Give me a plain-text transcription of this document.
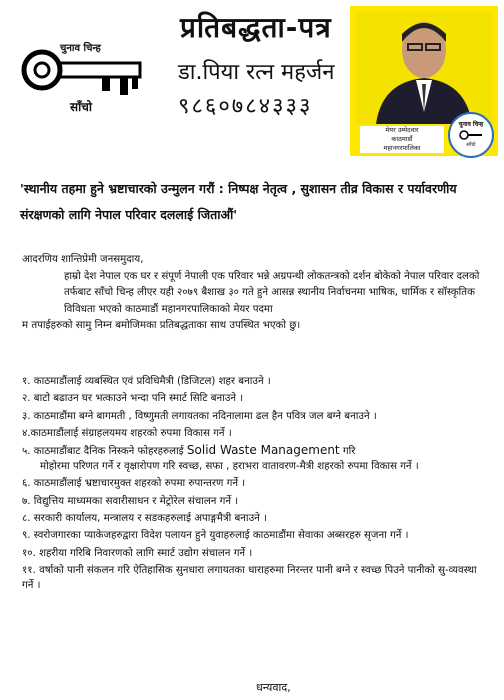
चुनाव चिन्ह
साँचो
प्रतिबद्धता-पत्र
डा.पिया रत्न महर्जन
९८६०७८४३३३
मेयर उम्मेदवार
काठमाडौं
महानगरपालिका
चुनाव चिन्ह
साँचो
'स्थानीय तहमा हुने भ्रष्टाचारको उन्मुलन गरौं : निष्पक्ष नेतृत्व , सुशासन तीव्र विकास र पर्यावरणीय संरक्षणको लागि नेपाल परिवार दललाई जिताऔं'

आदरणिय शान्तिप्रेमी जनसमुदाय,

हाम्रो देश नेपाल एक घर र संपूर्ण नेपाली एक परिवार भन्ने अग्रपन्थी लोकतन्त्रको दर्शन बोकेको नेपाल परिवार दलको तर्फबाट साँचो चिन्ह लीएर यही २०७९ बैशाख ३० गते हुने आसन्न स्थानीय निर्वाचनमा भाषिक, धार्मिक र सॉस्कृतिक विविधता भएको काठमाडौं महानगरपालिकाको मेयर पदमा

म तपाईहरुको सामु निम्न बमोजिमका प्रतिबद्धताका साथ उपस्थित भएको छु।

१. काठमाडौंलाई व्यबस्थित एवं प्रविधिमैत्री (डिजिटल) शहर बनाउने ।
२. बाटो बढाउन घर भत्काउने भन्दा पनि स्मार्ट सिटि बनाउने ।
३. काठमाडौंमा बग्ने बागमती , विष्णुमती लगायतका नदिनालामा ढल हैन पवित्र जल बग्ने बनाउने ।
४.काठमाडौंलाई संग्राहलयमय शहरको रुपमा विकास गर्ने ।
५. काठमाडौंबाट दैनिक निस्कने फोहरहरुलाई Solid Waste Management गरि
मोहोरमा परिणत गर्ने र वृक्षारोपण गरि स्वच्छ, सफा , हराभरा वातावरण-मैत्री शहरको रुपमा विकास गर्ने ।
६. काठमाडौंलाई भ्रष्टाचारमुक्त शहरको रुपमा रुपान्तरण गर्ने ।
७. विद्युत्तिय माध्यमका सवारीसाधन र मेट्रोरेल संचालन गर्ने ।
८. सरकारी कार्यालय, मन्त्रालय र सडकहरुलाई अपाङ्गमैत्री बनाउने ।
९. स्वरोजगारका प्याकेजहरुद्वारा विदेश पलायन हुने युवाहरुलाई काठमाडौंमा सेवाका अब्सरहरु सृजना गर्ने ।
१०. शहरीया गरिबि निवारणको लागि स्मार्ट उद्योग संचालन गर्ने ।
११. वर्षाको पानी संकलन गरि ऐतिहासिक सुनधारा लगायतका धाराहरुमा निरन्तर पानी बग्ने र स्वच्छ पिउने पानीको सु-व्यवस्था गर्ने ।
धन्यवाद,
